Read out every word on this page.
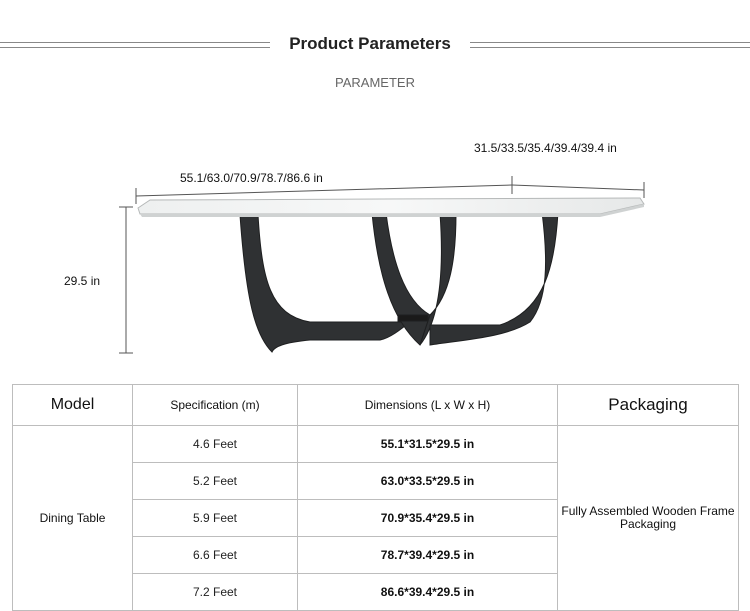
Product Parameters
PARAMETER
55.1/63.0/70.9/78.7/86.6 in
31.5/33.5/35.4/39.4/39.4 in
29.5 in
Model	Specification (m)	Dimensions (L x W x H)	Packaging
Dining Table	4.6 Feet	55.1*31.5*29.5 in	Fully Assembled Wooden Frame Packaging
	5.2 Feet	63.0*33.5*29.5 in	
	5.9 Feet	70.9*35.4*29.5 in	
	6.6 Feet	78.7*39.4*29.5 in	
	7.2 Feet	86.6*39.4*29.5 in	
